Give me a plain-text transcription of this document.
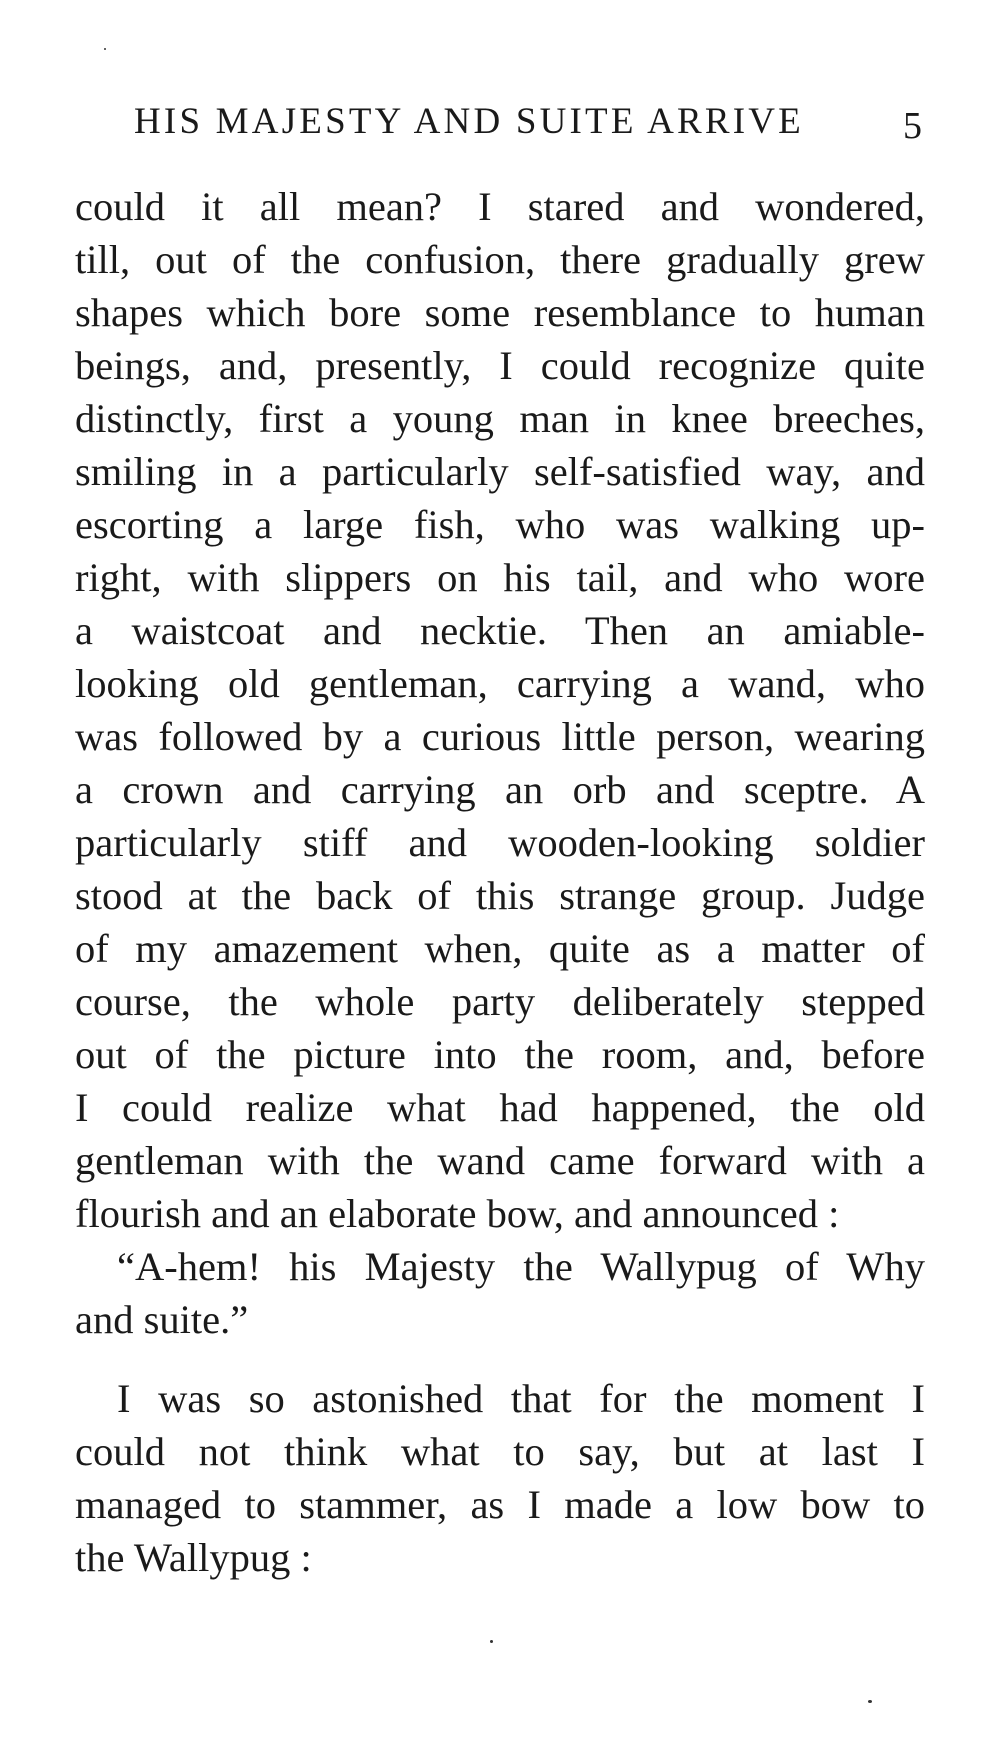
HIS MAJESTY AND SUITE ARRIVE	5
could it all mean? I stared and wondered,
till, out of the confusion, there gradually grew
shapes which bore some resemblance to human
beings, and, presently, I could recognize quite
distinctly, first a young man in knee breeches,
smiling in a particularly self-satisfied way, and
escorting a large fish, who was walking up-
right, with slippers on his tail, and who wore
a waistcoat and necktie. Then an amiable-
looking old gentleman, carrying a wand, who
was followed by a curious little person, wearing
a crown and carrying an orb and sceptre. A
particularly stiff and wooden-looking soldier
stood at the back of this strange group. Judge
of my amazement when, quite as a matter of
course, the whole party deliberately stepped
out of the picture into the room, and, before
I could realize what had happened, the old
gentleman with the wand came forward with a
flourish and an elaborate bow, and announced :
“A-hem! his Majesty the Wallypug of Why
and suite.”
I was so astonished that for the moment I
could not think what to say, but at last I
managed to stammer, as I made a low bow to
the Wallypug :
